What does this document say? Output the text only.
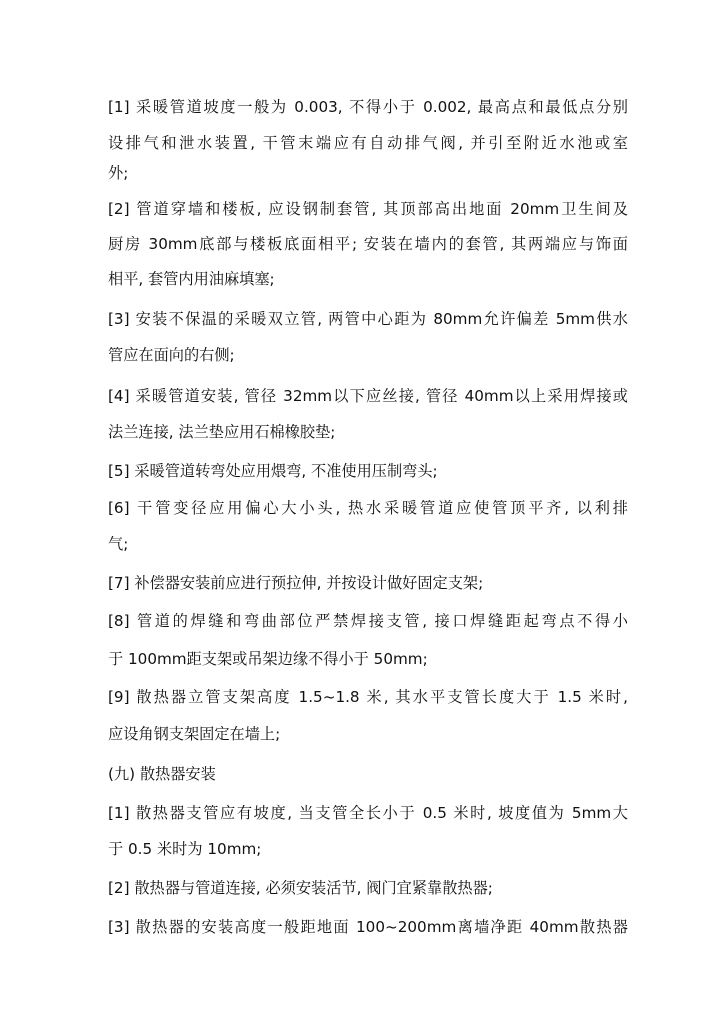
[1] 采暖管道坡度一般为 0.003, 不得小于 0.002, 最高点和最低点分别
设排气和泄水装置, 干管末端应有自动排气阀, 并引至附近水池或室
外;
[2] 管道穿墙和楼板, 应设钢制套管, 其顶部高出地面 20mm卫生间及
厨房 30mm底部与楼板底面相平; 安装在墙内的套管, 其两端应与饰面
相平, 套管内用油麻填塞;
[3] 安装不保温的采暖双立管, 两管中心距为 80mm允许偏差 5mm供水
管应在面向的右侧;
[4] 采暖管道安装, 管径 32mm以下应丝接, 管径 40mm以上采用焊接或
法兰连接, 法兰垫应用石棉橡胶垫;
[5] 采暖管道转弯处应用煨弯, 不准使用压制弯头;
[6] 干管变径应用偏心大小头, 热水采暖管道应使管顶平齐, 以利排
气;
[7] 补偿器安装前应进行预拉伸, 并按设计做好固定支架;
[8] 管道的焊缝和弯曲部位严禁焊接支管, 接口焊缝距起弯点不得小
于 100mm距支架或吊架边缘不得小于 50mm;
[9] 散热器立管支架高度 1.5~1.8 米, 其水平支管长度大于 1.5 米时,
应设角钢支架固定在墙上;
(九) 散热器安装
[1] 散热器支管应有坡度, 当支管全长小于 0.5 米时, 坡度值为 5mm大
于 0.5 米时为 10mm;
[2] 散热器与管道连接, 必须安装活节, 阀门宜紧靠散热器;
[3] 散热器的安装高度一般距地面 100~200mm离墙净距 40mm散热器
